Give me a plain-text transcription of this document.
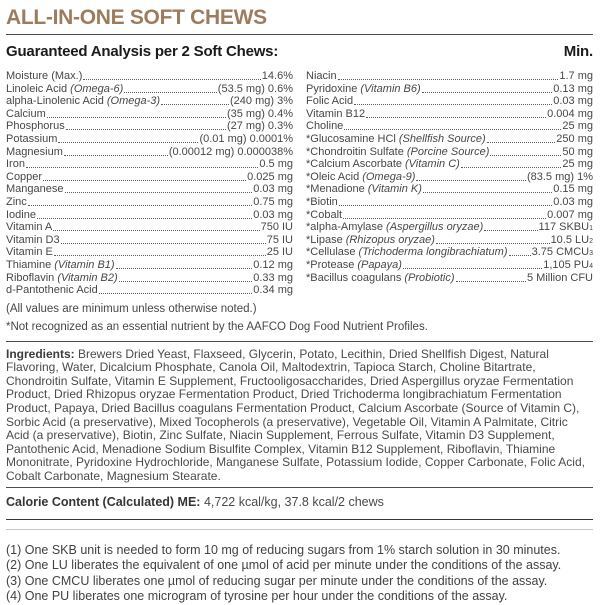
ALL-IN-ONE SOFT CHEWS
Guaranteed Analysis per 2 Soft Chews:	Min.
Moisture (Max.)	14.6%
Linoleic Acid (Omega-6)	(53.5 mg) 0.6%
alpha-Linolenic Acid (Omega-3)	(240 mg) 3%
Calcium	(35 mg) 0.4%
Phosphorus	(27 mg) 0.3%
Potassium	(0.01 mg) 0.0001%
Magnesium	(0.00012 mg) 0.000038%
Iron	0.5 mg
Copper	0.025 mg
Manganese	0.03 mg
Zinc	0.75 mg
Iodine	0.03 mg
Vitamin A	750 IU
Vitamin D3	75 IU
Vitamin E	25 IU
Thiamine (Vitamin B1)	0.12 mg
Riboflavin (Vitamin B2)	0.33 mg
d-Pantothenic Acid	0.34 mg
Niacin	1.7 mg
Pyridoxine (Vitamin B6)	0.13 mg
Folic Acid	0.03 mg
Vitamin B12	0.004 mg
Choline	25 mg
*Glucosamine HCl (Shellfish Source)	250 mg
*Chondroitin Sulfate (Porcine Source)	50 mg
*Calcium Ascorbate (Vitamin C)	25 mg
*Oleic Acid (Omega-9)	(83.5 mg) 1%
*Menadione (Vitamin K)	0.15 mg
*Biotin	0.03 mg
*Cobalt	0.007 mg
*alpha-Amylase (Aspergillus oryzae)	117 SKBU 1
*Lipase (Rhizopus oryzae)	10.5 LU 2
*Cellulase (Trichoderma longibrachiatum) 3.75 CMCU 3
*Protease (Papaya)	1,105 PU 4
*Bacillus coagulans (Probiotic)	5 Million CFU
(All values are minimum unless otherwise noted.)
*Not recognized as an essential nutrient by the AAFCO Dog Food Nutrient Profiles.
Ingredients: Brewers Dried Yeast, Flaxseed, Glycerin, Potato, Lecithin, Dried Shellfish Digest, Natural Flavoring, Water, Dicalcium Phosphate, Canola Oil, Maltodextrin, Tapioca Starch, Choline Bitartrate, Chondroitin Sulfate, Vitamin E Supplement, Fructooligosaccharides, Dried Aspergillus oryzae Fermentation Product, Dried Rhizopus oryzae Fermentation Product, Dried Trichoderma longibrachiatum Fermentation Product, Papaya, Dried Bacillus coagulans Fermentation Product, Calcium Ascorbate (Source of Vitamin C), Sorbic Acid (a preservative), Mixed Tocopherols (a preservative), Vegetable Oil, Vitamin A Palmitate, Citric Acid (a preservative), Biotin, Zinc Sulfate, Niacin Supplement, Ferrous Sulfate, Vitamin D3 Supplement, Pantothenic Acid, Menadione Sodium Bisulfite Complex, Vitamin B12 Supplement, Riboflavin, Thiamine Mononitrate, Pyridoxine Hydrochloride, Manganese Sulfate, Potassium Iodide, Copper Carbonate, Folic Acid, Cobalt Carbonate, Magnesium Stearate.
Calorie Content (Calculated) ME: 4,722 kcal/kg, 37.8 kcal/2 chews
(1) One SKB unit is needed to form 10 mg of reducing sugars from 1% starch solution in 30 minutes.
(2) One LU liberates the equivalent of one µmol of acid per minute under the conditions of the assay.
(3) One CMCU liberates one µmol of reducing sugar per minute under the conditions of the assay.
(4) One PU liberates one microgram of tyrosine per hour under the conditions of the assay.
